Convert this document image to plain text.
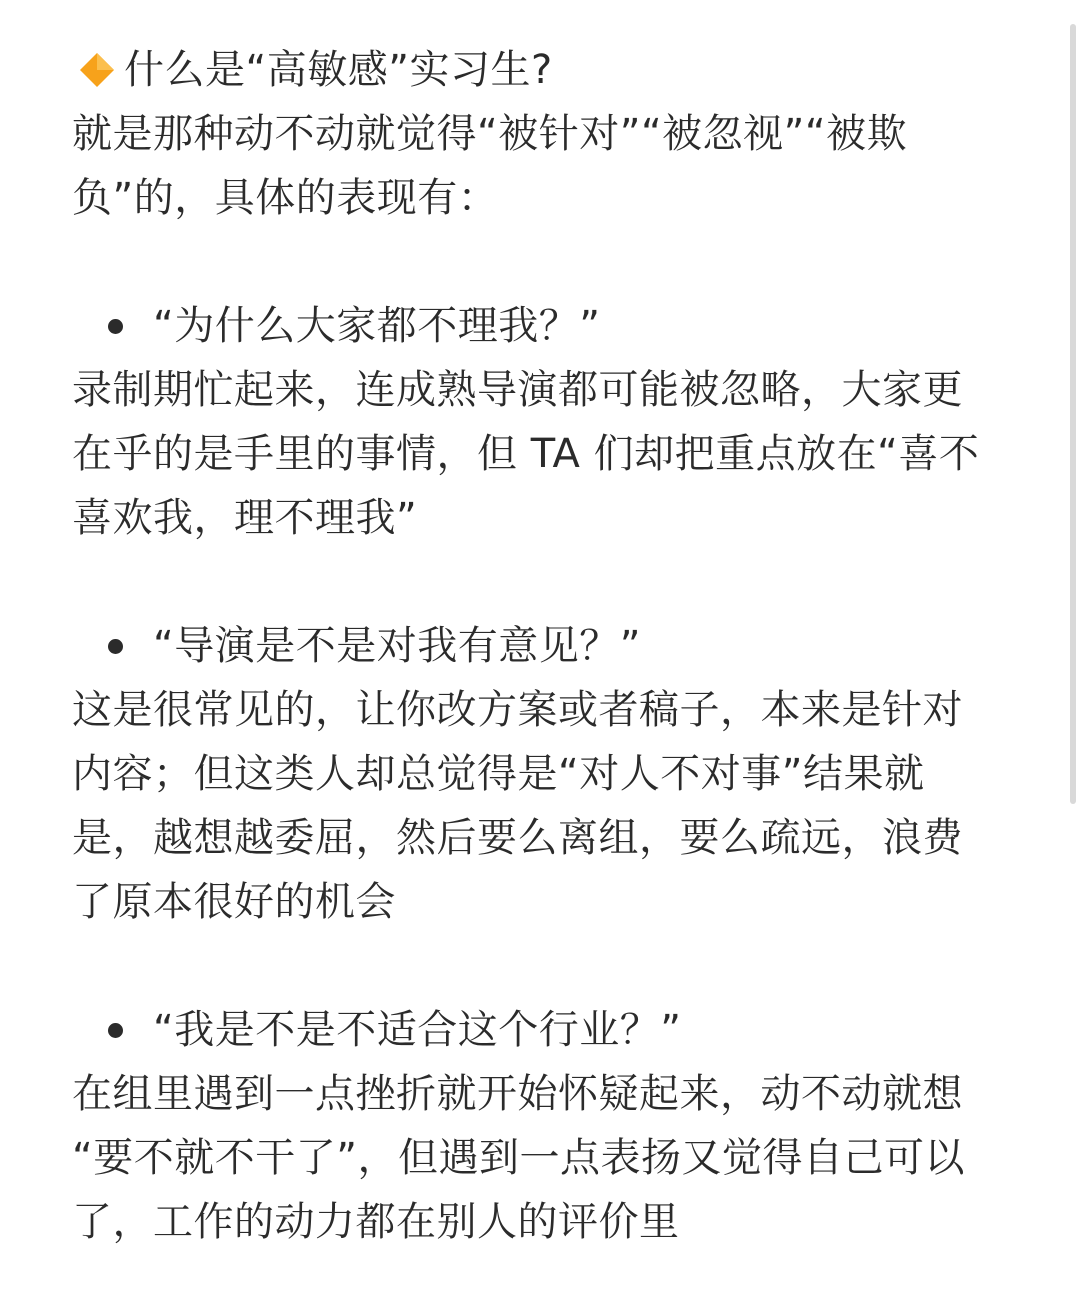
什么是“高敏感”实习生?

就是那种动不动就觉得“被针对”“被忽视”“被欺

负”的，具体的表现有：

“为什么大家都不理我？”

录制期忙起来，连成熟导演都可能被忽略，大家更

在乎的是手里的事情，但 TA 们却把重点放在“喜不

喜欢我，理不理我”

“导演是不是对我有意见？”

这是很常见的，让你改方案或者稿子，本来是针对

内容；但这类人却总觉得是“对人不对事”结果就

是，越想越委屈，然后要么离组，要么疏远，浪费

了原本很好的机会

“我是不是不适合这个行业？”

在组里遇到一点挫折就开始怀疑起来，动不动就想

“要不就不干了”，但遇到一点表扬又觉得自己可以

了，工作的动力都在别人的评价里
